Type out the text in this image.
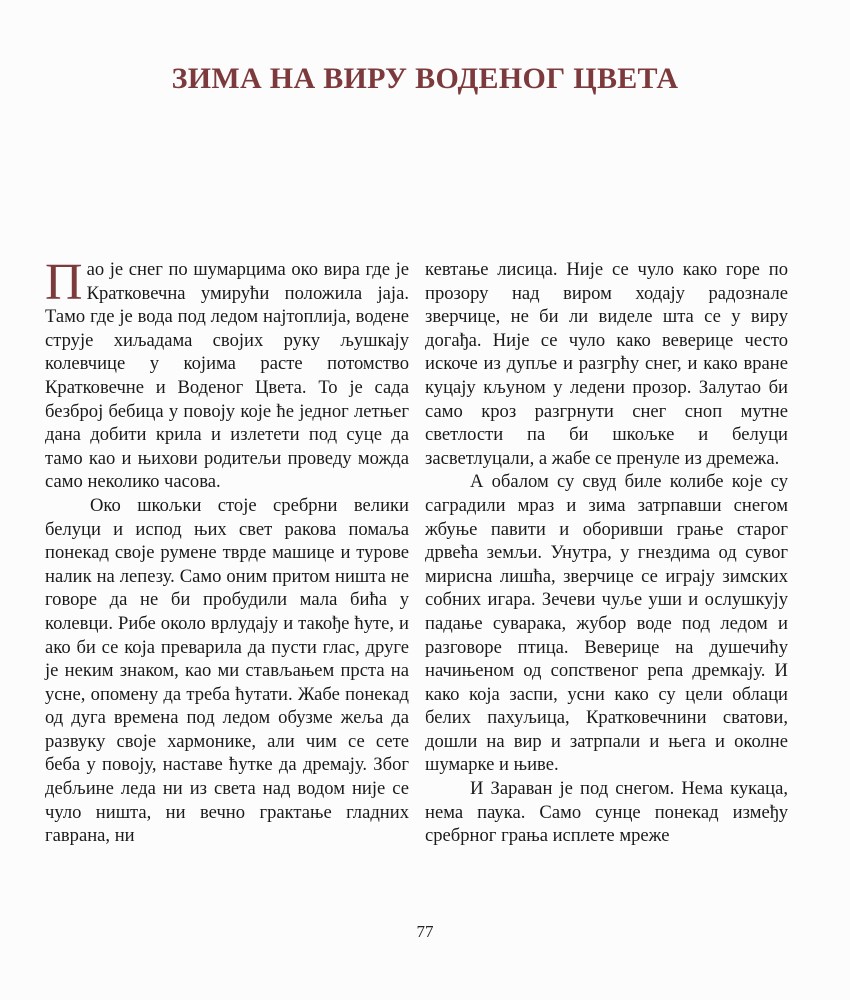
ЗИМА НА ВИРУ ВОДЕНОГ ЦВЕТА

Пао је снег по шумарцима око вира где је Кратковечна умирући положила јаја. Тамо где је вода под ледом најтоплија, водене струје хиљадама својих руку љушкају колевчице у којима расте потомство Кратковечне и Воденог Цвета. То је сада безброј бебица у повоју које ће једног летњег дана добити крила и излетети под суце да тамо као и њихови родитељи проведу можда само неколико часова.

Око шкољки стоје сребрни велики белуци и испод њих свет ракова помаља понекад своје румене тврде машице и турове налик на лепезу. Само оним притом ништа не говоре да не би пробудили мала бића у колевци. Рибе около врлудају и такође ћуте, и ако би се која преварила да пусти глас, друге је неким знаком, као ми стављањем прста на усне, опомену да треба ћутати. Жабе понекад од дуга времена под ледом обузме жеља да развуку своје хармонике, али чим се сете беба у повоју, наставе ћутке да дремају. Због дебљине леда ни из света над водом није се чуло ништа, ни вечно грактање гладних гаврана, ни

кевтање лисица. Није се чуло како горе по прозору над виром ходају радознале зверчице, не би ли виделе шта се у виру догађа. Није се чуло како веверице често искоче из дупље и разгрћу снег, и како вране куцају кљуном у ледени прозор. Залутао би само кроз разгрнути снег сноп мутне светлости па би шкољке и белуци засветлуцали, а жабе се пренуле из дремежа.

А обалом су свуд биле колибе које су саградили мраз и зима затрпавши снегом жбуње павити и оборивши грање старог дрвећа земљи. Унутра, у гнездима од сувог мирисна лишћа, зверчице се играју зимских собних игара. Зечеви чуље уши и ослушкују падање суварака, жубор воде под ледом и разговоре птица. Веверице на душечићу начињеном од сопственог репа дремкају. И како која заспи, усни како су цели облаци белих пахуљица, Кратковечнини сватови, дошли на вир и затрпали и њега и околне шумарке и њиве.

И Зараван је под снегом. Нема кукаца, нема паука. Само сунце понекад између сребрног грања исплете мреже

77
